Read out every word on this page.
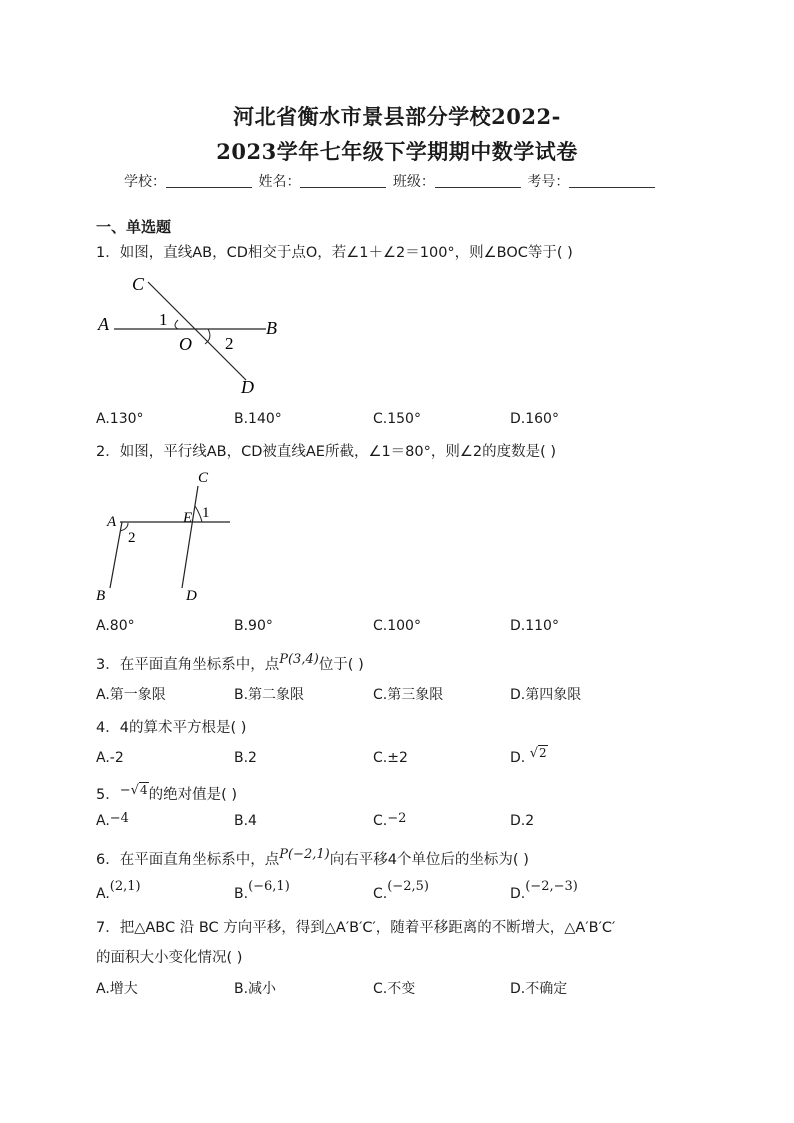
河北省衡水市景县部分学校2022-
2023学年七年级下学期期中数学试卷
学校：	姓名：	班级：	考号：
一、单选题
1．如图，直线AB，CD相交于点O，若∠1＋∠2＝100°，则∠BOC等于( )
C
A	B
O
D
1
2
A.130°	B.140°	C.150°	D.160°
2．如图，平行线AB，CD被直线AE所截，∠1＝80°，则∠2的度数是( )
C
A	E
B	D
1
2
A.80°	B.90°	C.100°	D.110°
3．在平面直角坐标系中，点P(3,4)位于( )
A.第一象限	B.第二象限	C.第三象限	D.第四象限
4．4的算术平方根是( )
A.-2	B.2	C.±2	D. √2
5．−√4的绝对值是( )
A.−4	B.4	C.−2	D.2
6．在平面直角坐标系中，点P(−2,1)向右平移4个单位后的坐标为( )
A.(2,1)	B.(−6,1)	C.(−2,5)	D.(−2,−3)
7．把△ABC 沿 BC 方向平移，得到△A′B′C′，随着平移距离的不断增大，△A′B′C′
的面积大小变化情况( )
A.增大	B.减小	C.不变	D.不确定
